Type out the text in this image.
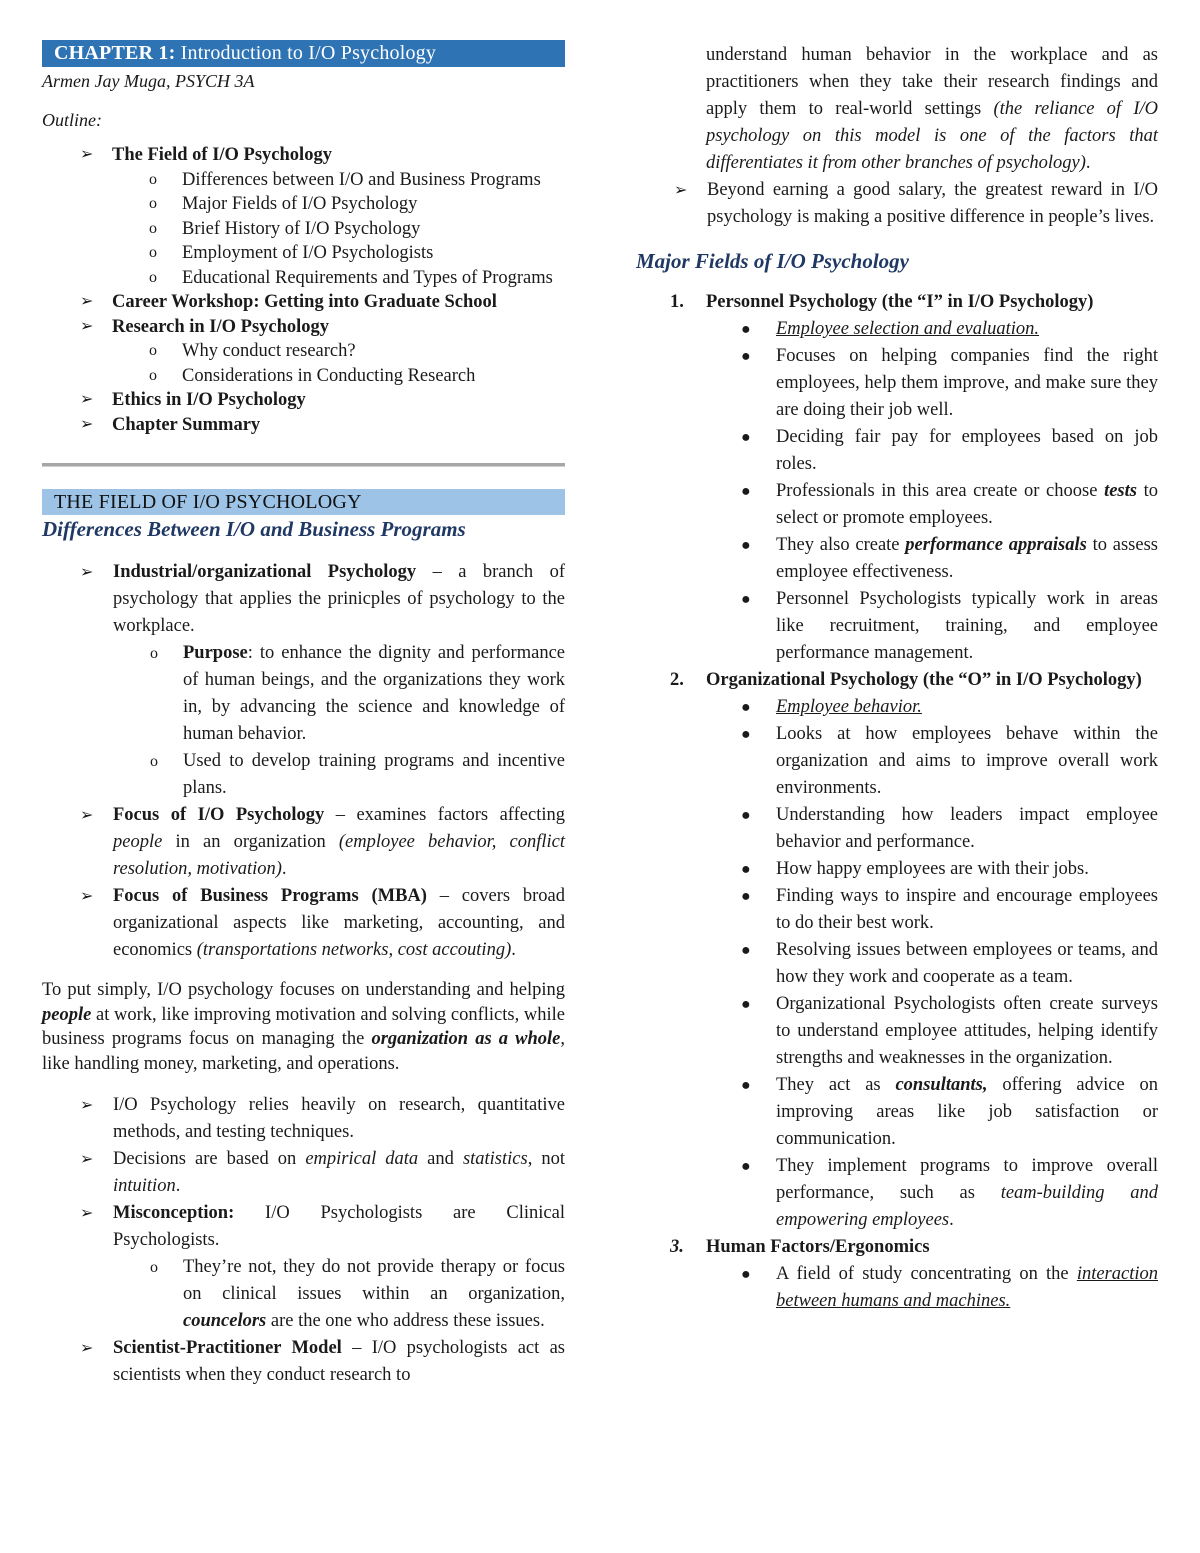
CHAPTER 1: Introduction to I/O Psychology
Armen Jay Muga, PSYCH 3A
Outline:
➢ The Field of I/O Psychology
o Differences between I/O and Business Programs
o Major Fields of I/O Psychology
o Brief History of I/O Psychology
o Employment of I/O Psychologists
o Educational Requirements and Types of Programs
➢ Career Workshop: Getting into Graduate School
➢ Research in I/O Psychology
o Why conduct research?
o Considerations in Conducting Research
➢ Ethics in I/O Psychology
➢ Chapter Summary
THE FIELD OF I/O PSYCHOLOGY
Differences Between I/O and Business Programs
➢ Industrial/organizational Psychology – a branch of psychology that applies the prinicples of psychology to the workplace.
o Purpose: to enhance the dignity and performance of human beings, and the organizations they work in, by advancing the science and knowledge of human behavior.
o Used to develop training programs and incentive plans.
➢ Focus of I/O Psychology – examines factors affecting people in an organization (employee behavior, conflict resolution, motivation).
➢ Focus of Business Programs (MBA) – covers broad organizational aspects like marketing, accounting, and economics (transportations networks, cost accouting).

To put simply, I/O psychology focuses on understanding and helping people at work, like improving motivation and solving conflicts, while business programs focus on managing the organization as a whole, like handling money, marketing, and operations.

➢ I/O Psychology relies heavily on research, quantitative methods, and testing techniques.
➢ Decisions are based on empirical data and statistics, not intuition.
➢ Misconception: I/O Psychologists are Clinical Psychologists.
o They’re not, they do not provide therapy or focus on clinical issues within an organization, councelors are the one who address these issues.
➢ Scientist-Practitioner Model – I/O psychologists act as scientists when they conduct research to
understand human behavior in the workplace and as practitioners when they take their research findings and apply them to real-world settings (the reliance of I/O psychology on this model is one of the factors that differentiates it from other branches of psychology).
➢ Beyond earning a good salary, the greatest reward in I/O psychology is making a positive difference in people’s lives.
Major Fields of I/O Psychology
1. Personnel Psychology (the “I” in I/O Psychology)
● Employee selection and evaluation.
● Focuses on helping companies find the right employees, help them improve, and make sure they are doing their job well.
● Deciding fair pay for employees based on job roles.
● Professionals in this area create or choose tests to select or promote employees.
● They also create performance appraisals to assess employee effectiveness.
● Personnel Psychologists typically work in areas like recruitment, training, and employee performance management.
2. Organizational Psychology (the “O” in I/O Psychology)
● Employee behavior.
● Looks at how employees behave within the organization and aims to improve overall work environments.
● Understanding how leaders impact employee behavior and performance.
● How happy employees are with their jobs.
● Finding ways to inspire and encourage employees to do their best work.
● Resolving issues between employees or teams, and how they work and cooperate as a team.
● Organizational Psychologists often create surveys to understand employee attitudes, helping identify strengths and weaknesses in the organization.
● They act as consultants, offering advice on improving areas like job satisfaction or communication.
● They implement programs to improve overall performance, such as team-building and empowering employees.
3. Human Factors/Ergonomics
● A field of study concentrating on the interaction between humans and machines.
